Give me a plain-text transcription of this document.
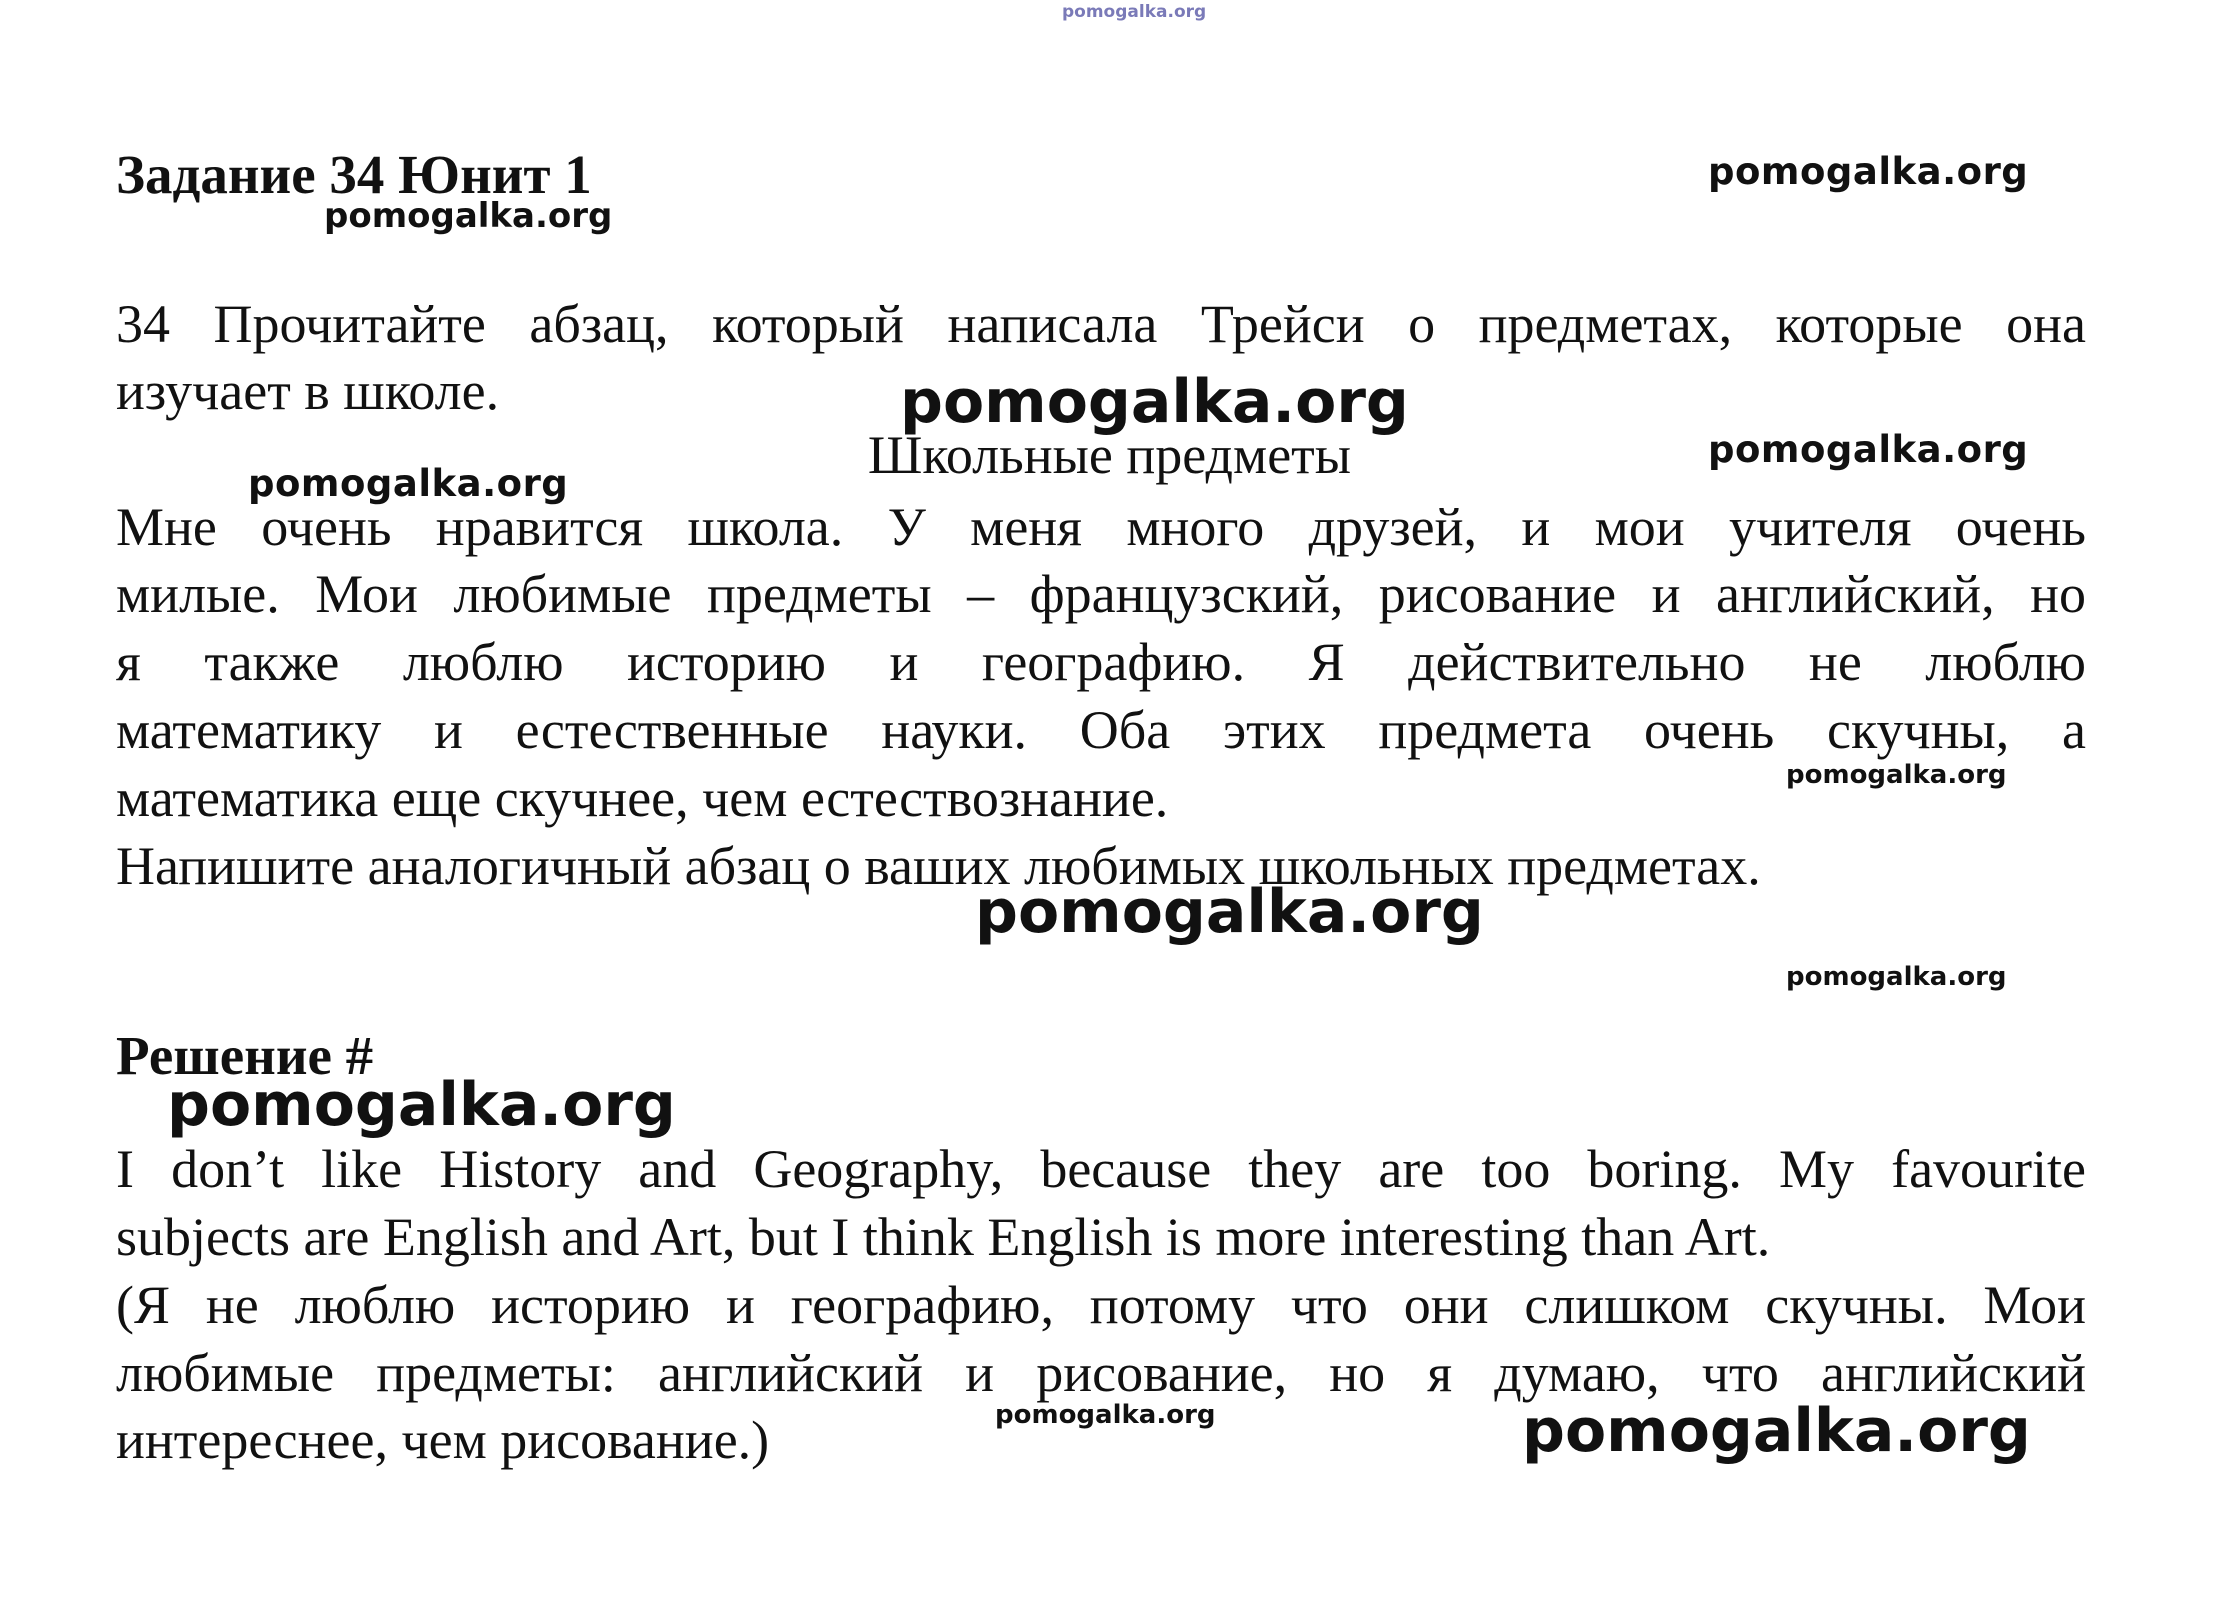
pomogalka.org
pomogalka.org
pomogalka.org
pomogalka.org
pomogalka.org
pomogalka.org
pomogalka.org
pomogalka.org
pomogalka.org
pomogalka.org
pomogalka.org	pomogalka.org
Задание 34 Юнит 1
34 Прочитайте абзац, который написала Трейси о предметах, которые она
изучает в школе.
Школьные предметы
Мне очень нравится школа. У меня много друзей, и мои учителя очень
милые. Мои любимые предметы – французский, рисование и английский, но
я также люблю историю и географию. Я действительно не люблю
математику и естественные науки. Оба этих предмета очень скучны, а
математика еще скучнее, чем естествознание.
Напишите аналогичный абзац о ваших любимых школьных предметах.
Решение #
I don’t like History and Geography, because they are too boring. My favourite
subjects are English and Art, but I think English is more interesting than Art.
(Я не люблю историю и географию, потому что они слишком скучны. Мои
любимые предметы: английский и рисование, но я думаю, что английский
интереснее, чем рисование.)
